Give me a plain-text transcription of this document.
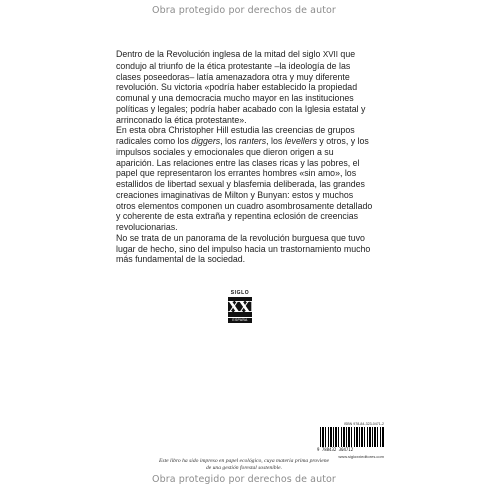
Obra protegido por derechos de autor

Dentro de la Revolución inglesa de la mitad del siglo XVII que condujo al triunfo de la ética protestante –la ideología de las clases poseedoras– latía amenazadora otra y muy diferente revolución. Su victoria «podría haber establecido la propiedad comunal y una democracia mucho mayor en las instituciones políticas y legales; podría haber acabado con la Iglesia estatal y arrinconado la ética protestante».

En esta obra Christopher Hill estudia las creencias de grupos radicales como los diggers, los ranters, los levellers y otros, y los impulsos sociales y emocionales que dieron origen a su aparición. Las relaciones entre las clases ricas y las pobres, el papel que representaron los errantes hombres «sin amo», los estallidos de libertad sexual y blasfemia deliberada, las grandes creaciones imaginativas de Milton y Bunyan: estos y muchos otros elementos componen un cuadro asombrosamente detallado y coherente de esta extraña y repentina eclosión de creencias revolucionarias.

No se trata de un panorama de la revolución burguesa que tuvo lugar de hecho, sino del impulso hacia un trastornamiento mucho más fundamental de la sociedad.

SIGLO
XXI
ESPAÑA
ISBN 978-84-323-0471-2
9 788432 304712
www.sigloxxieditores.com
Este libro ha sido impreso en papel ecológico, cuya materia prima proviene
de una gestión forestal sostenible.
Obra protegido por derechos de autor
